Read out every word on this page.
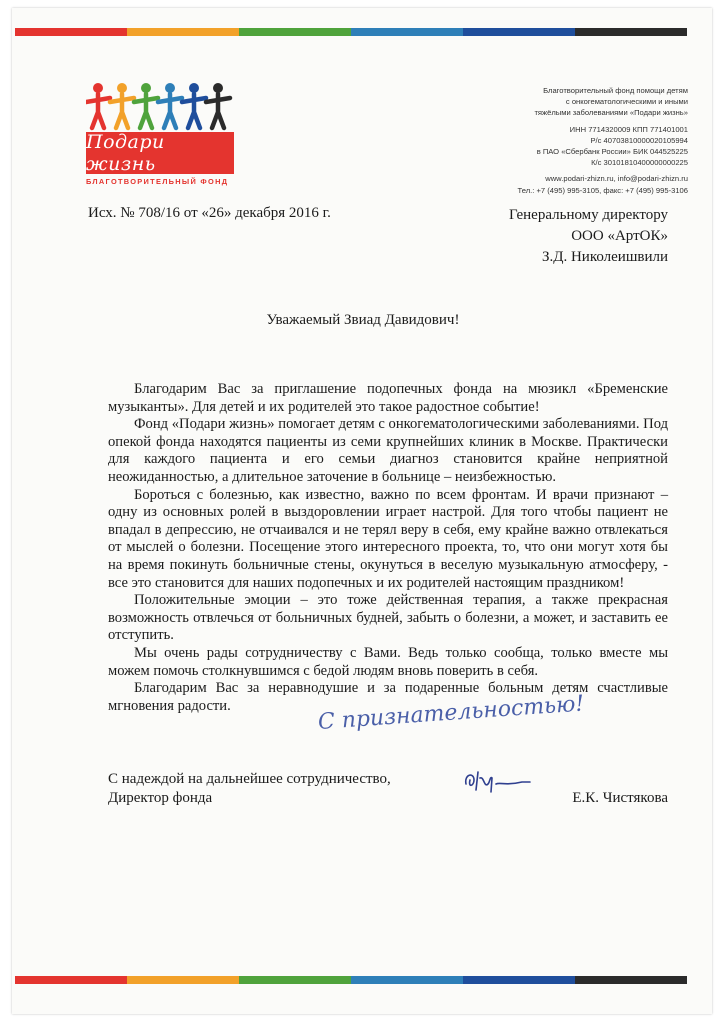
Подари жизнь
БЛАГОТВОРИТЕЛЬНЫЙ ФОНД
Благотворительный фонд помощи детям
с онкогематологическими и иными
тяжёлыми заболеваниями «Подари жизнь»
ИНН 7714320009 КПП 771401001
Р/с 40703810000020105994
в ПАО «Сбербанк России» БИК 044525225
К/с 30101810400000000225
www.podari-zhizn.ru, info@podari-zhizn.ru
Тел.: +7 (495) 995-3105, факс: +7 (495) 995-3106
Исх. № 708/16 от «26» декабря 2016 г.	Генеральному директору
ООО «АртОК»
З.Д. Николеишвили
Уважаемый Звиад Давидович!

Благодарим Вас за приглашение подопечных фонда на мюзикл «Бременские музыканты». Для детей и их родителей это такое радостное событие!

Фонд «Подари жизнь» помогает детям с онкогематологическими заболеваниями. Под опекой фонда находятся пациенты из семи крупнейших клиник в Москве. Практически для каждого пациента и его семьи диагноз становится крайне неприятной неожиданностью, а длительное заточение в больнице – неизбежностью.

Бороться с болезнью, как известно, важно по всем фронтам. И врачи признают – одну из основных ролей в выздоровлении играет настрой. Для того чтобы пациент не впадал в депрессию, не отчаивался и не терял веру в себя, ему крайне важно отвлекаться от мыслей о болезни. Посещение этого интересного проекта, то, что они могут хотя бы на время покинуть больничные стены, окунуться в веселую музыкальную атмосферу, - все это становится для наших подопечных и их родителей настоящим праздником!

Положительные эмоции – это тоже действенная терапия, а также прекрасная возможность отвлечься от больничных будней, забыть о болезни, а может, и заставить ее отступить.

Мы очень рады сотрудничеству с Вами. Ведь только сообща, только вместе мы можем помочь столкнувшимся с бедой людям вновь поверить в себя.

Благодарим Вас за неравнодушие и за подаренные больным детям счастливые мгновения радости.	С признательностью!
С надеждой на дальнейшее сотрудничество,
Директор фонда	Е.К. Чистякова
